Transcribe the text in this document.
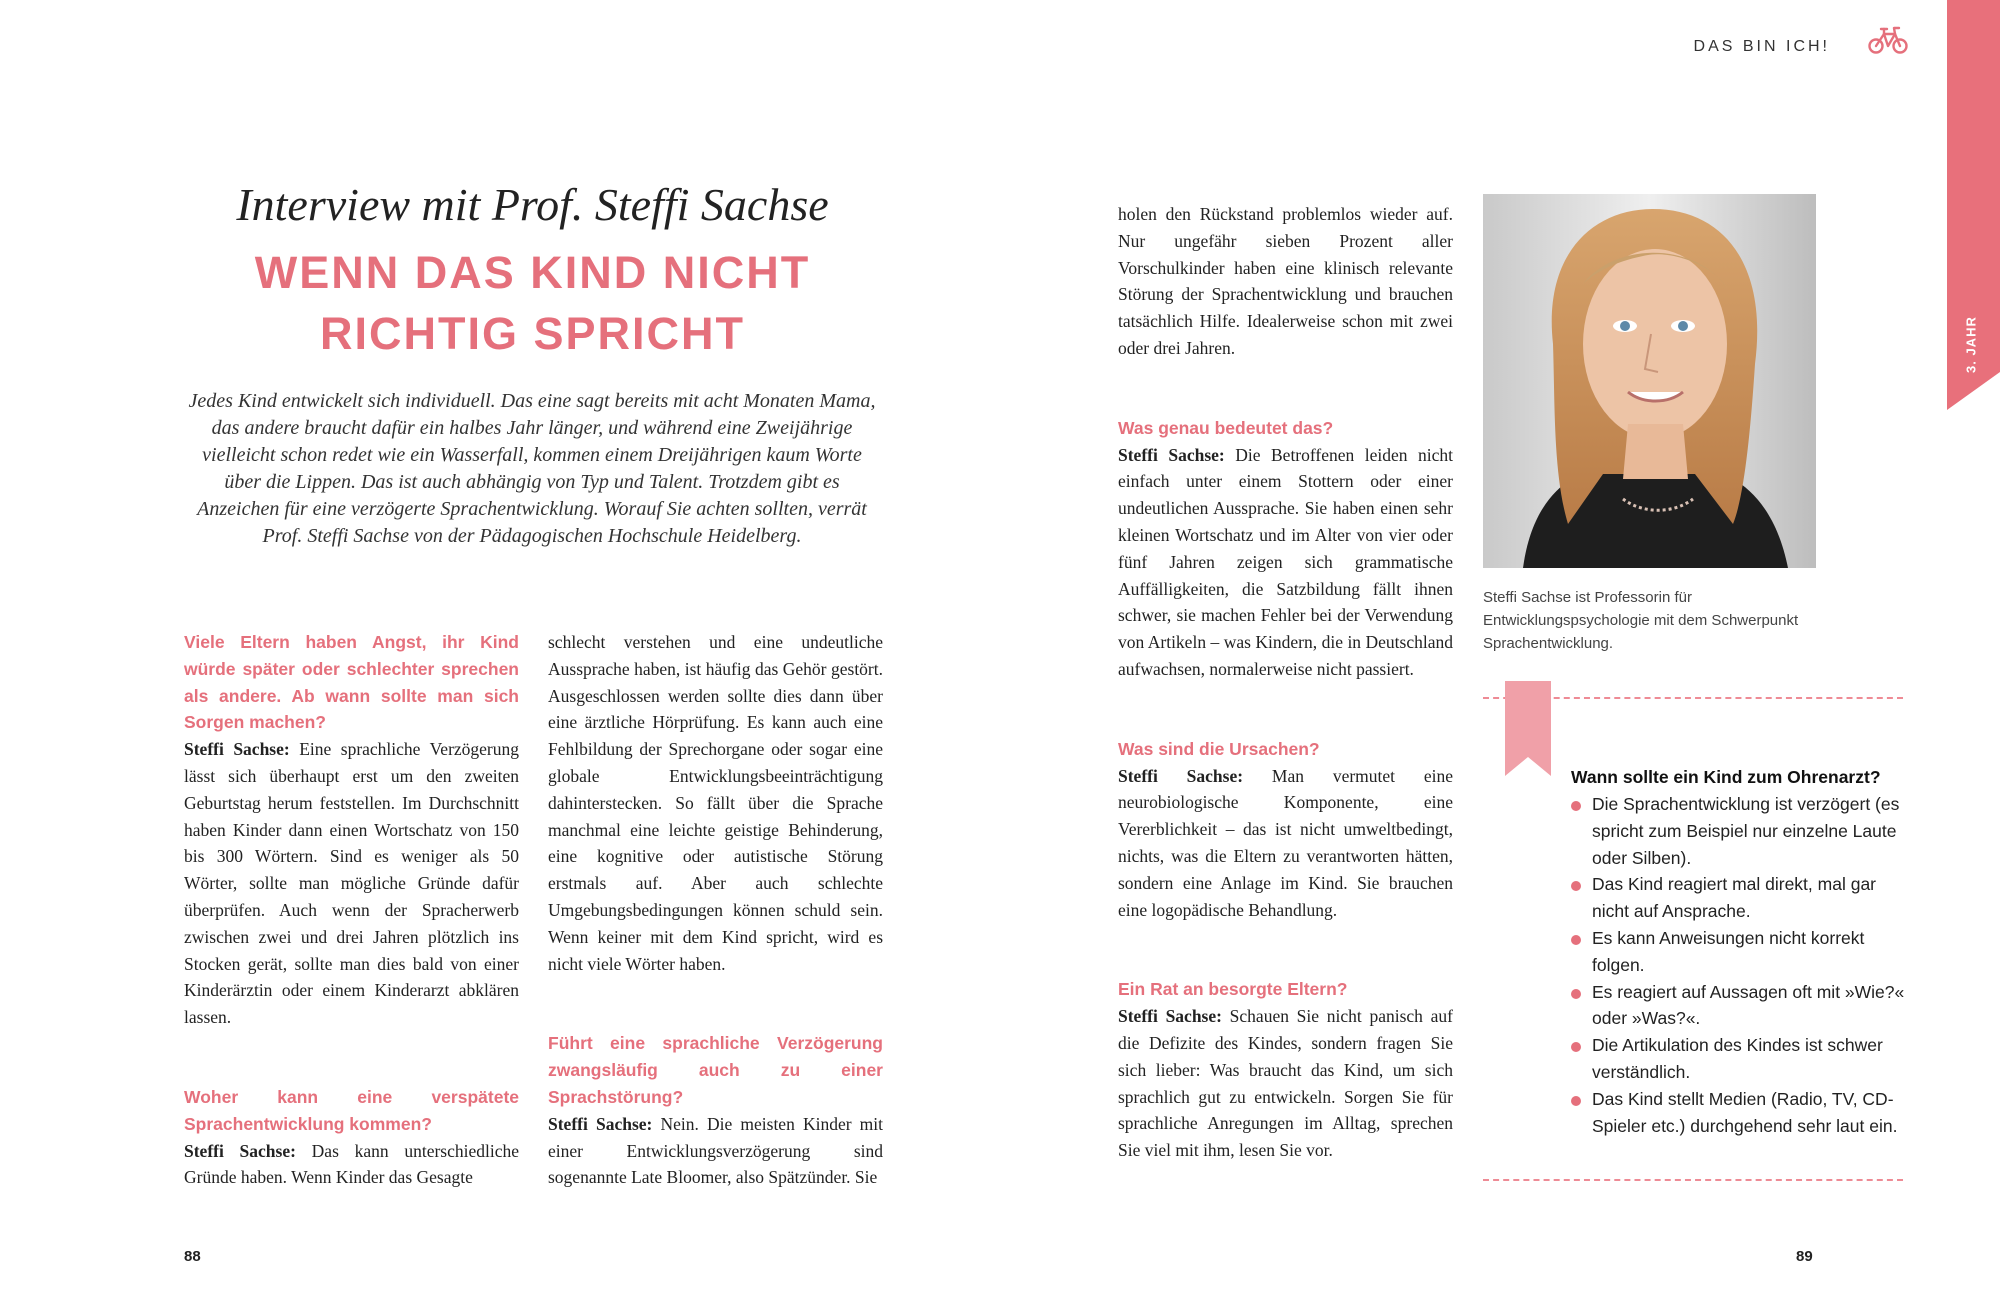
DAS BIN ICH!
3. JAHR
Interview mit Prof. Steffi Sachse
WENN DAS KIND NICHT
RICHTIG SPRICHT
Jedes Kind entwickelt sich individuell. Das eine sagt bereits mit acht Monaten Mama, das andere braucht dafür ein halbes Jahr länger, und während eine Zweijährige vielleicht schon redet wie ein Wasserfall, kommen einem Dreijährigen kaum Worte über die Lippen. Das ist auch abhängig von Typ und Talent. Trotzdem gibt es Anzeichen für eine verzögerte Sprachentwicklung. Worauf Sie achten sollten, verrät Prof. Steffi Sachse von der Pädagogischen Hochschule Heidelberg.

Viele Eltern haben Angst, ihr Kind würde später oder schlechter sprechen als andere. Ab wann sollte man sich Sorgen machen?

Steffi Sachse: Eine sprachliche Verzögerung lässt sich überhaupt erst um den zweiten Geburtstag herum feststellen. Im Durchschnitt haben Kinder dann einen Wortschatz von 150 bis 300 Wörtern. Sind es weniger als 50 Wörter, sollte man mögliche Gründe dafür überprüfen. Auch wenn der Spracherwerb zwischen zwei und drei Jahren plötzlich ins Stocken gerät, sollte man dies bald von einer Kinderärztin oder einem Kinderarzt abklären lassen.

Woher kann eine verspätete Sprachentwicklung kommen?

Steffi Sachse: Das kann unterschiedliche Gründe haben. Wenn Kinder das Gesagte

schlecht verstehen und eine undeutliche Aussprache haben, ist häufig das Gehör gestört. Ausgeschlossen werden sollte dies dann über eine ärztliche Hörprüfung. Es kann auch eine Fehlbildung der Sprechorgane oder sogar eine globale Entwicklungsbeeinträchtigung dahinterstecken. So fällt über die Sprache manchmal eine leichte geistige Behinderung, eine kognitive oder autistische Störung erstmals auf. Aber auch schlechte Umgebungsbedingungen können schuld sein. Wenn keiner mit dem Kind spricht, wird es nicht viele Wörter haben.

Führt eine sprachliche Verzögerung zwangsläufig auch zu einer Sprachstörung?

Steffi Sachse: Nein. Die meisten Kinder mit einer Entwicklungsverzögerung sind sogenannte Late Bloomer, also Spätzünder. Sie

holen den Rückstand problemlos wieder auf. Nur ungefähr sieben Prozent aller Vorschulkinder haben eine klinisch relevante Störung der Sprachentwicklung und brauchen tatsächlich Hilfe. Idealerweise schon mit zwei oder drei Jahren.

Was genau bedeutet das?

Steffi Sachse: Die Betroffenen leiden nicht einfach unter einem Stottern oder einer undeutlichen Aussprache. Sie haben einen sehr kleinen Wortschatz und im Alter von vier oder fünf Jahren zeigen sich grammatische Auffälligkeiten, die Satzbildung fällt ihnen schwer, sie machen Fehler bei der Verwendung von Artikeln – was Kindern, die in Deutschland aufwachsen, normalerweise nicht passiert.

Was sind die Ursachen?

Steffi Sachse: Man vermutet eine neurobiologische Komponente, eine Vererblichkeit – das ist nicht umweltbedingt, nichts, was die Eltern zu verantworten hätten, sondern eine Anlage im Kind. Sie brauchen eine logopädische Behandlung.

Ein Rat an besorgte Eltern?

Steffi Sachse: Schauen Sie nicht panisch auf die Defizite des Kindes, sondern fragen Sie sich lieber: Was braucht das Kind, um sich sprachlich gut zu entwickeln. Sorgen Sie für sprachliche Anregungen im Alltag, sprechen Sie viel mit ihm, lesen Sie vor.

Steffi Sachse ist Professorin für Entwicklungspsychologie mit dem Schwerpunkt Sprachentwicklung.
Wann sollte ein Kind zum Ohrenarzt?
Die Sprachentwicklung ist verzögert (es spricht zum Beispiel nur einzelne Laute oder Silben).
Das Kind reagiert mal direkt, mal gar nicht auf Ansprache.
Es kann Anweisungen nicht korrekt folgen.
Es reagiert auf Aussagen oft mit »Wie?« oder »Was?«.
Die Artikulation des Kindes ist schwer verständlich.
Das Kind stellt Medien (Radio, TV, CD-Spieler etc.) durchgehend sehr laut ein.
88	89
